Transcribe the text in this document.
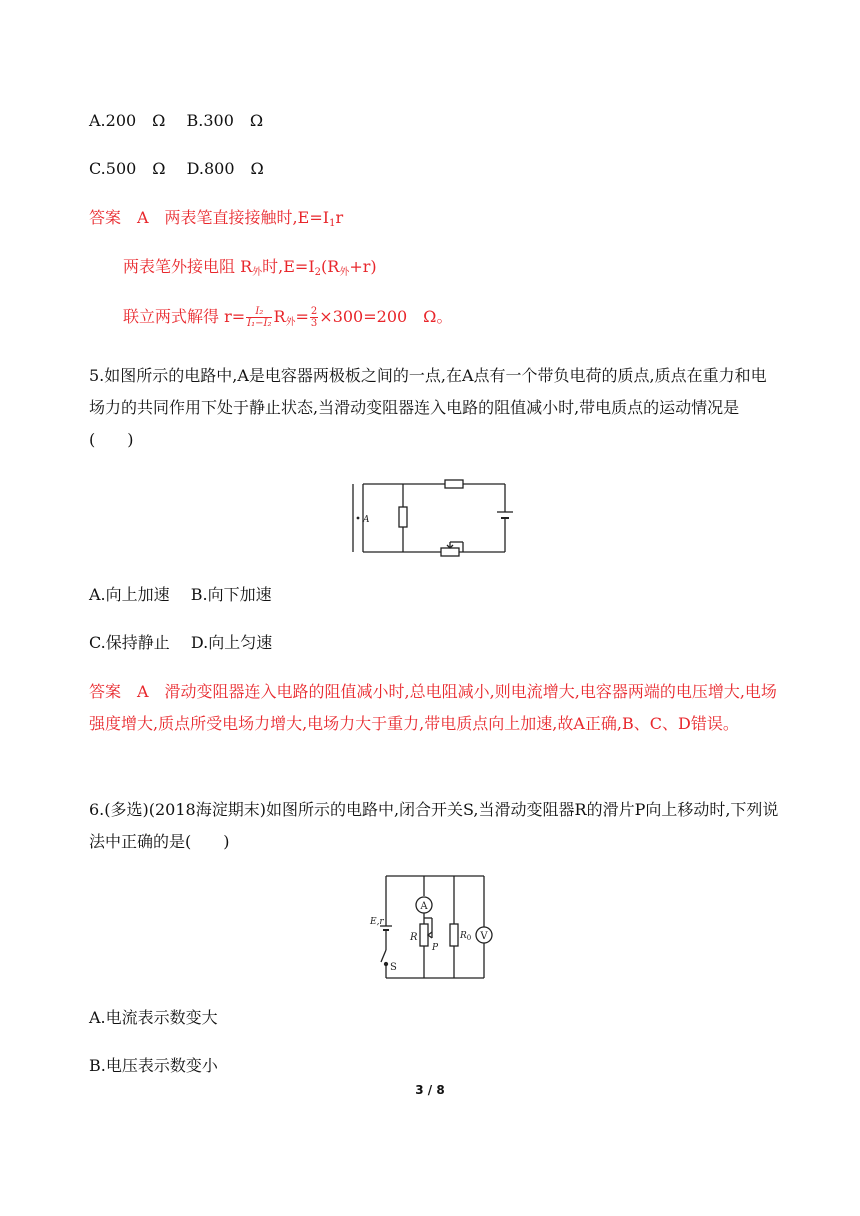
A.200　Ω　 B.300　Ω
C.500　Ω　 D.800　Ω
答案　A　两表笔直接接触时$,E=I_1r$
两表笔外接电阻 $R_外$时$,E=I_2(R_外+r)$
联立两式解得 $r= \frac{\text{I₂}}{\text{I₁−I₂}} R_外= \frac{2}{3} \times 300=200$　Ω。
5.如图所示的电路中,A是电容器两极板之间的一点,在A点有一个带负电荷的质点,质点在重力和电场力的共同作用下处于静止状态,当滑动变阻器连入电路的阻值减小时,带电质点的运动情况是(　　)
A
A.向上加速　 B.向下加速
C.保持静止　 D.向上匀速
答案　A　滑动变阻器连入电路的阻值减小时,总电阻减小,则电流增大,电容器两端的电压增大,电场强度增大,质点所受电场力增大,电场力大于重力,带电质点向上加速,故A正确,B、C、D错误。
6.(多选)(2018海淀期末)如图所示的电路中,闭合开关S,当滑动变阻器R的滑片P向上移动时,下列说法中正确的是(　　)
A
V
E,r
S
R
P
$R_0$
A.电流表示数变大
B.电压表示数变小
3 / 8
